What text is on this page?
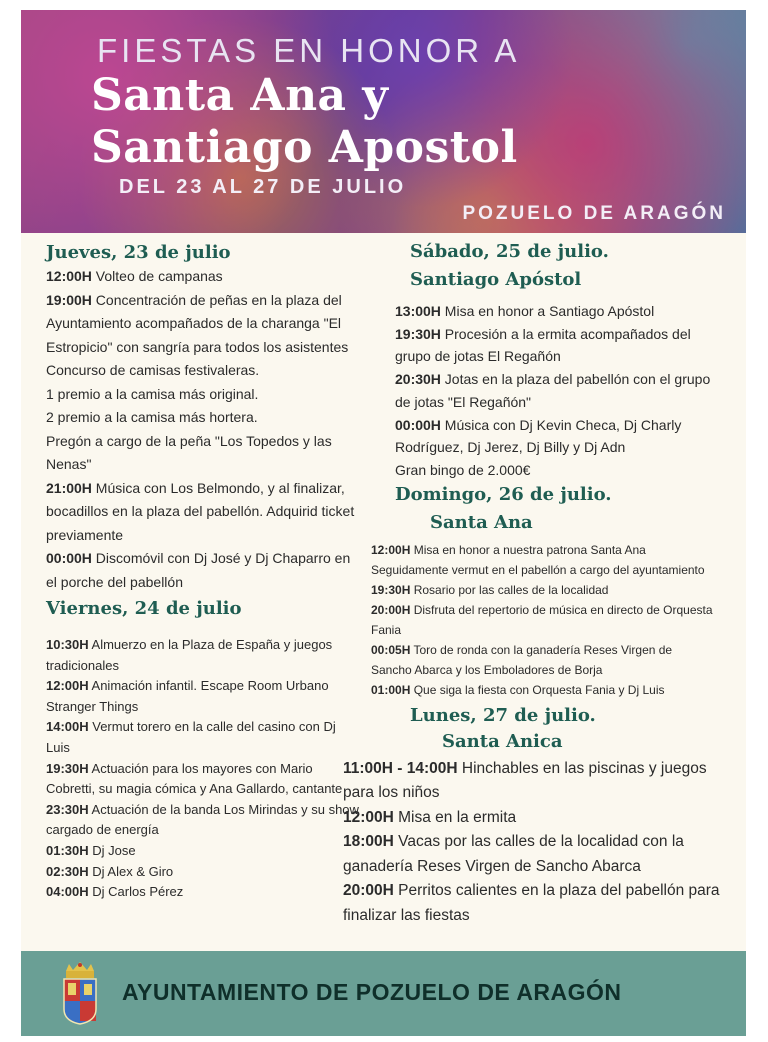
FIESTAS EN HONOR A
Santa Ana y
Santiago Apostol
DEL 23 AL 27 DE JULIO
POZUELO DE ARAGÓN
Jueves, 23 de julio
12:00H Volteo de campanas
19:00H Concentración de peñas en la plaza del Ayuntamiento acompañados de la charanga "El Estropicio" con sangría para todos los asistentes
Concurso de camisas festivaleras.
1 premio a la camisa más original.
2 premio a la camisa más hortera.
Pregón a cargo de la peña "Los Topedos y las Nenas"
21:00H Música con Los Belmondo, y al finalizar, bocadillos en la plaza del pabellón. Adquirid ticket previamente
00:00H Discomóvil con Dj José y Dj Chaparro en el porche del pabellón
Viernes, 24 de julio
10:30H Almuerzo en la Plaza de España y juegos tradicionales
12:00H Animación infantil. Escape Room Urbano Stranger Things
14:00H Vermut torero en la calle del casino con Dj Luis
19:30H Actuación para los mayores con Mario Cobretti, su magia cómica y Ana Gallardo, cantante
23:30H Actuación de la banda Los Mirindas y su show cargado de energía
01:30H Dj Jose
02:30H Dj Alex & Giro
04:00H Dj Carlos Pérez
Sábado, 25 de julio.
Santiago Apóstol
13:00H Misa en honor a Santiago Apóstol
19:30H Procesión a la ermita acompañados del grupo de jotas El Regañón
20:30H Jotas en la plaza del pabellón con el grupo de jotas "El Regañón"
00:00H Música con Dj Kevin Checa, Dj Charly Rodríguez, Dj Jerez, Dj Billy y Dj Adn
Gran bingo de 2.000€
Domingo, 26 de julio.
Santa Ana
12:00H Misa en honor a nuestra patrona Santa Ana Seguidamente vermut en el pabellón a cargo del ayuntamiento
19:30H Rosario por las calles de la localidad
20:00H Disfruta del repertorio de música en directo de Orquesta Fania
00:05H Toro de ronda con la ganadería Reses Virgen de Sancho Abarca y los Emboladores de Borja
01:00H Que siga la fiesta con Orquesta Fania y Dj Luis
Lunes, 27 de julio.
Santa Anica
11:00H - 14:00H Hinchables en las piscinas y juegos para los niños
12:00H Misa en la ermita
18:00H Vacas por las calles de la localidad con la ganadería Reses Virgen de Sancho Abarca
20:00H Perritos calientes en la plaza del pabellón para finalizar las fiestas
AYUNTAMIENTO DE POZUELO DE ARAGÓN
